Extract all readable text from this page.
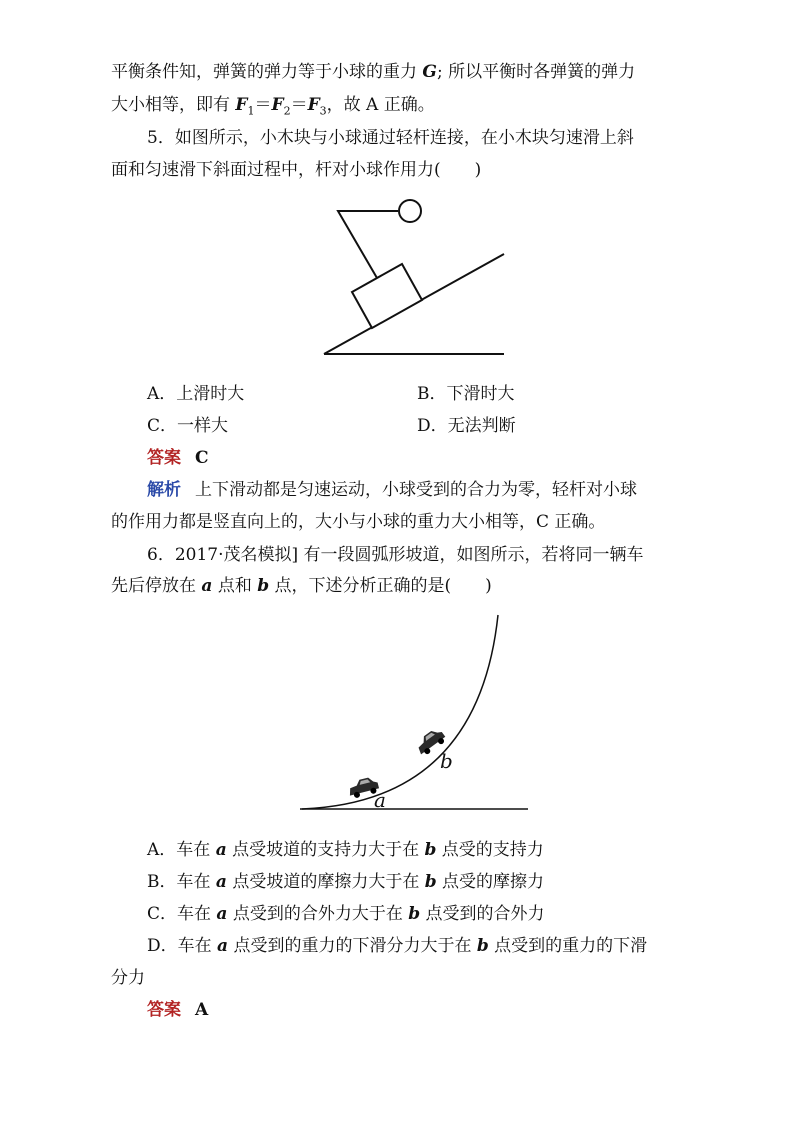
平衡条件知，弹簧的弹力等于小球的重力 G; 所以平衡时各弹簧的弹力
大小相等，即有 $F_1=F_2=F_3$，故 A 正确。
5．如图所示，小木块与小球通过轻杆连接，在小木块匀速滑上斜
面和匀速滑下斜面过程中，杆对小球作用力(　　)
A．上滑时大	B．下滑时大
C．一样大	D．无法判断
答案 C
解析 上下滑动都是匀速运动，小球受到的合力为零，轻杆对小球
的作用力都是竖直向上的，大小与小球的重力大小相等，C 正确。
6．2017·茂名模拟] 有一段圆弧形坡道，如图所示，若将同一辆车
先后停放在 a 点和 b 点，下述分析正确的是(　　)
a
b
A．车在 a 点受坡道的支持力大于在 b 点受的支持力
B．车在 a 点受坡道的摩擦力大于在 b 点受的摩擦力
C．车在 a 点受到的合外力大于在 b 点受到的合外力
D．车在 a 点受到的重力的下滑分力大于在 b 点受到的重力的下滑
分力
答案 A
